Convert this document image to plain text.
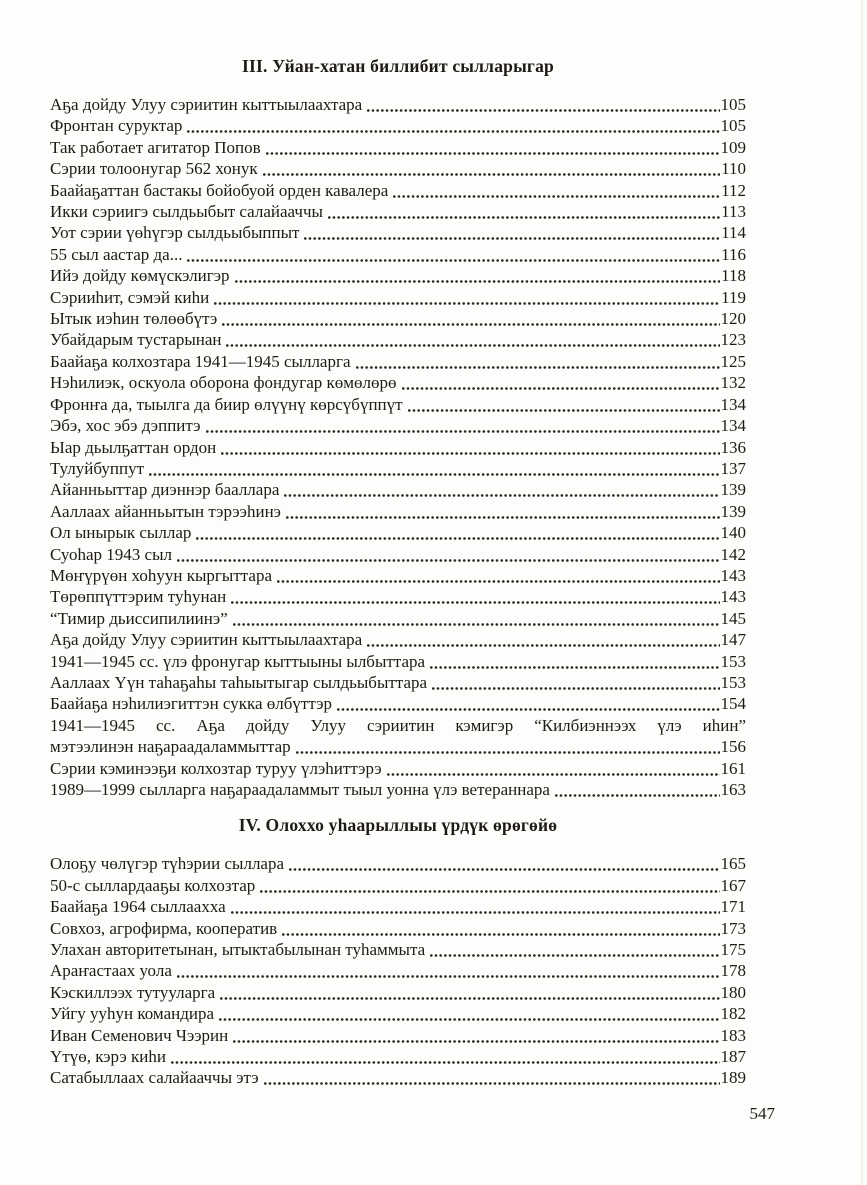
III. Уйан-хатан биллибит сылларыгар
Аҕа дойду Улуу сэриитин кыттыылаахтара	105
Фронтан суруктар	105
Так работает агитатор Попов	109
Сэрии толоонугар 562 хонук	110
Баайаҕаттан бастакы бойобуой орден кавалера	112
Икки сэриигэ сылдьыбыт салайааччы	113
Уот сэрии үөһүгэр сылдьыбыппыт	114
55 сыл аастар да...	116
Ийэ дойду көмүскэлигэр	118
Сэрииһит, сэмэй киһи	119
Ытык иэһин төлөөбүтэ	120
Убайдарым тустарынан	123
Баайаҕа колхозтара 1941—1945 сылларга	125
Нэһилиэк, оскуола оборона фондугар көмөлөрө	132
Фронҥа да, тыылга да биир өлүүнү көрсүбүппүт	134
Эбэ, хос эбэ дэппитэ	134
Ыар дьылҕаттан ордон	136
Тулуйбуппут	137
Айанньыттар диэннэр бааллара	139
Ааллаах айанньытын тэрээһинэ	139
Ол ынырык сыллар	140
Суоһар 1943 сыл	142
Мөҥүрүөн хоһуун кыргыттара	143
Төрөппүттэрим туһунан	143
“Тимир дьиссипилиинэ”	145
Аҕа дойду Улуу сэриитин кыттыылаахтара	147
1941—1945 сс. үлэ фронугар кыттыыны ылбыттара	153
Ааллаах Үүн таһаҕаһы таһыытыгар сылдьыбыттара	153
Баайаҕа нэһилиэгиттэн сукка өлбүттэр	154
1941—1945 сс. Аҕа дойду Улуу сэриитин кэмигэр “Килбиэннээх үлэ иһин”
мэтээлинэн наҕараадаламмыттар	156
Сэрии кэминээҕи колхозтар туруу үлэһиттэрэ	161
1989—1999 сылларга наҕараадаламмыт тыыл уонна үлэ ветераннара	163
IV. Олоххо уһаарыллыы үрдүк өрөгөйө
Олоҕу чөлүгэр түһэрии сыллара	165
50-с сыллардааҕы колхозтар	167
Баайаҕа 1964 сыллаахха	171
Совхоз, агрофирма, кооператив	173
Улахан авторитетынан, ытыктабылынан туһаммыта	175
Араҥастаах уола	178
Кэскиллээх тутууларга	180
Уйгу ууһун командира	182
Иван Семенович Чээрин	183
Үтүө, кэрэ киһи	187
Сатабыллаах салайааччы этэ	189
547
